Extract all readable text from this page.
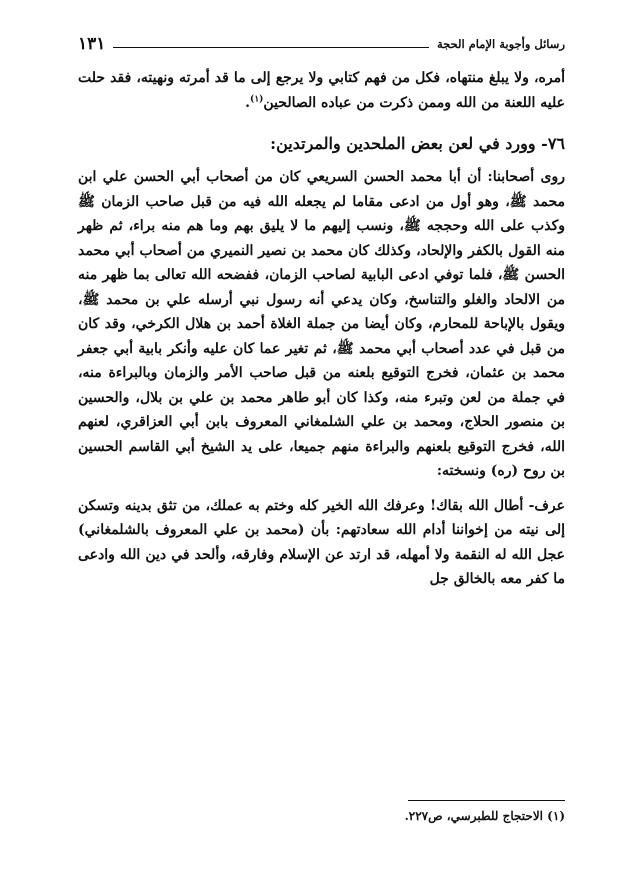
١٣١	رسائل وأجوبة الإمام الحجة

أمره، ولا يبلغ منتهاه، فكل من فهم كتابي ولا يرجع إلى ما قد أمرته ونهيته، فقد حلت عليه اللعنة من الله وممن ذكرت من عباده الصالحين$^{(١)}$.

٧٦- وورد في لعن بعض الملحدين والمرتدين:

روى أصحابنا: أن أبا محمد الحسن السريعي كان من أصحاب أبي الحسن علي ابن محمد ﷺ، وهو أول من ادعى مقاما لم يجعله الله فيه من قبل صاحب الزمان ﷺ وكذب على الله وحججه ﷺ، ونسب إليهم ما لا يليق بهم وما هم منه براء، ثم ظهر منه القول بالكفر والإلحاد، وكذلك كان محمد بن نصير النميري من أصحاب أبي محمد الحسن ﷺ، فلما توفي ادعى البابية لصاحب الزمان، ففضحه الله تعالى بما ظهر منه من الالحاد والغلو والتناسخ، وكان يدعي أنه رسول نبي أرسله علي بن محمد ﷺ، ويقول بالإباحة للمحارم، وكان أيضا من جملة الغلاة أحمد بن هلال الكرخي، وقد كان من قبل في عدد أصحاب أبي محمد ﷺ، ثم تغير عما كان عليه وأنكر بابية أبي جعفر محمد بن عثمان، فخرج التوقيع بلعنه من قبل صاحب الأمر والزمان وبالبراءة منه، في جملة من لعن وتبرء منه، وكذا كان أبو طاهر محمد بن علي بن بلال، والحسين بن منصور الحلاج، ومحمد بن علي الشلمغاني المعروف بابن أبي العزاقري، لعنهم الله، فخرج التوقيع بلعنهم والبراءة منهم جميعا، على يد الشيخ أبي القاسم الحسين بن روح (ره) ونسخته:

عرف- أطال الله بقاك! وعرفك الله الخير كله وختم به عملك، من تثق بدينه وتسكن إلى نيته من إخواننا أدام الله سعادتهم: بأن (محمد بن علي المعروف بالشلمغاني) عجل الله له النقمة ولا أمهله، قد ارتد عن الإسلام وفارقه، وألحد في دين الله وادعى ما كفر معه بالخالق جل

(١) الاحتجاج للطبرسي، ص٢٢٧.
